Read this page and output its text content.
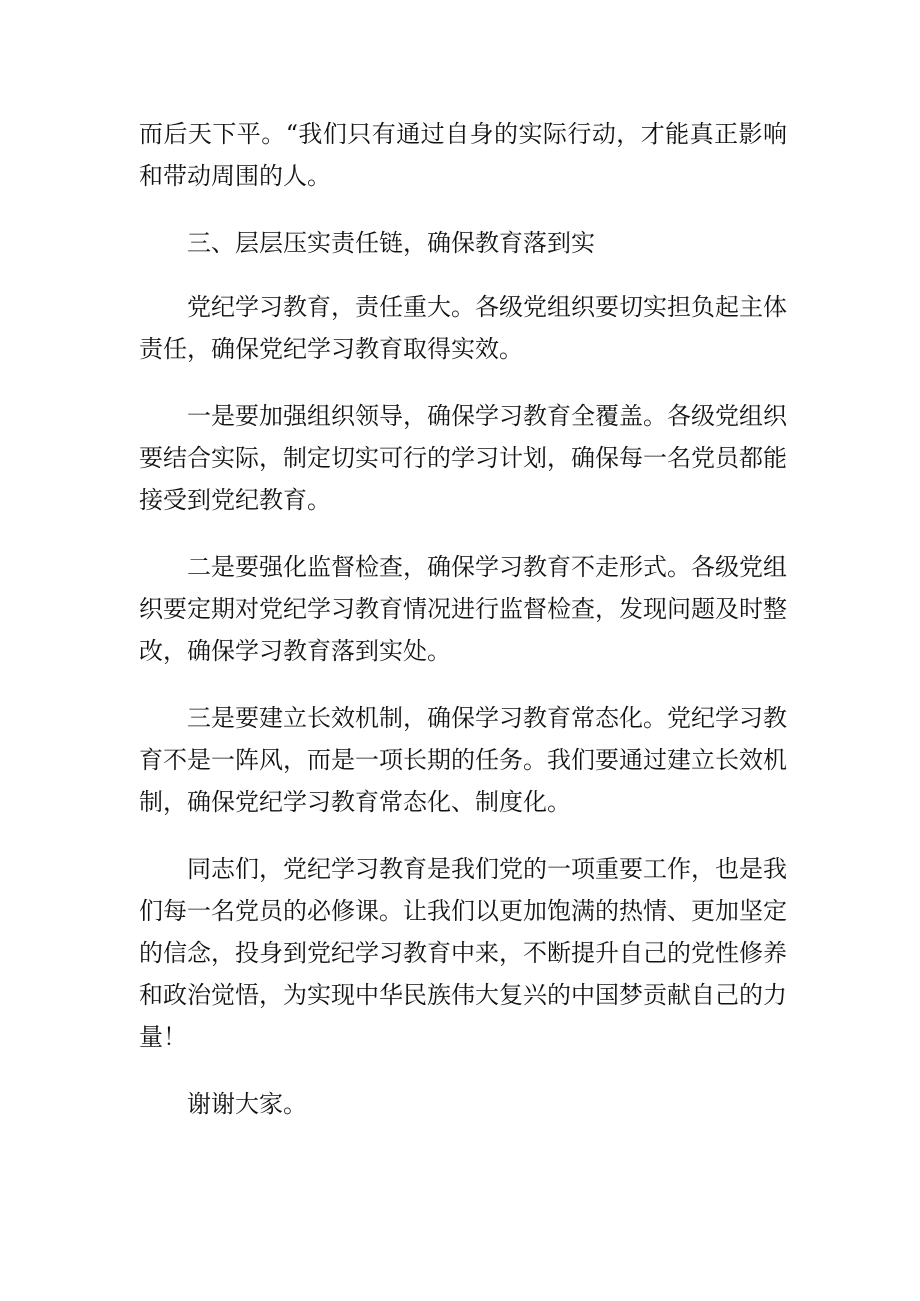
而后天下平。“我们只有通过自身的实际行动，才能真正影响和带动周围的人。

三、层层压实责任链，确保教育落到实

党纪学习教育，责任重大。各级党组织要切实担负起主体责任，确保党纪学习教育取得实效。

一是要加强组织领导，确保学习教育全覆盖。各级党组织要结合实际，制定切实可行的学习计划，确保每一名党员都能接受到党纪教育。

二是要强化监督检查，确保学习教育不走形式。各级党组织要定期对党纪学习教育情况进行监督检查，发现问题及时整改，确保学习教育落到实处。

三是要建立长效机制，确保学习教育常态化。党纪学习教育不是一阵风，而是一项长期的任务。我们要通过建立长效机制，确保党纪学习教育常态化、制度化。

同志们，党纪学习教育是我们党的一项重要工作，也是我们每一名党员的必修课。让我们以更加饱满的热情、更加坚定的信念，投身到党纪学习教育中来，不断提升自己的党性修养和政治觉悟，为实现中华民族伟大复兴的中国梦贡献自己的力量！

谢谢大家。
